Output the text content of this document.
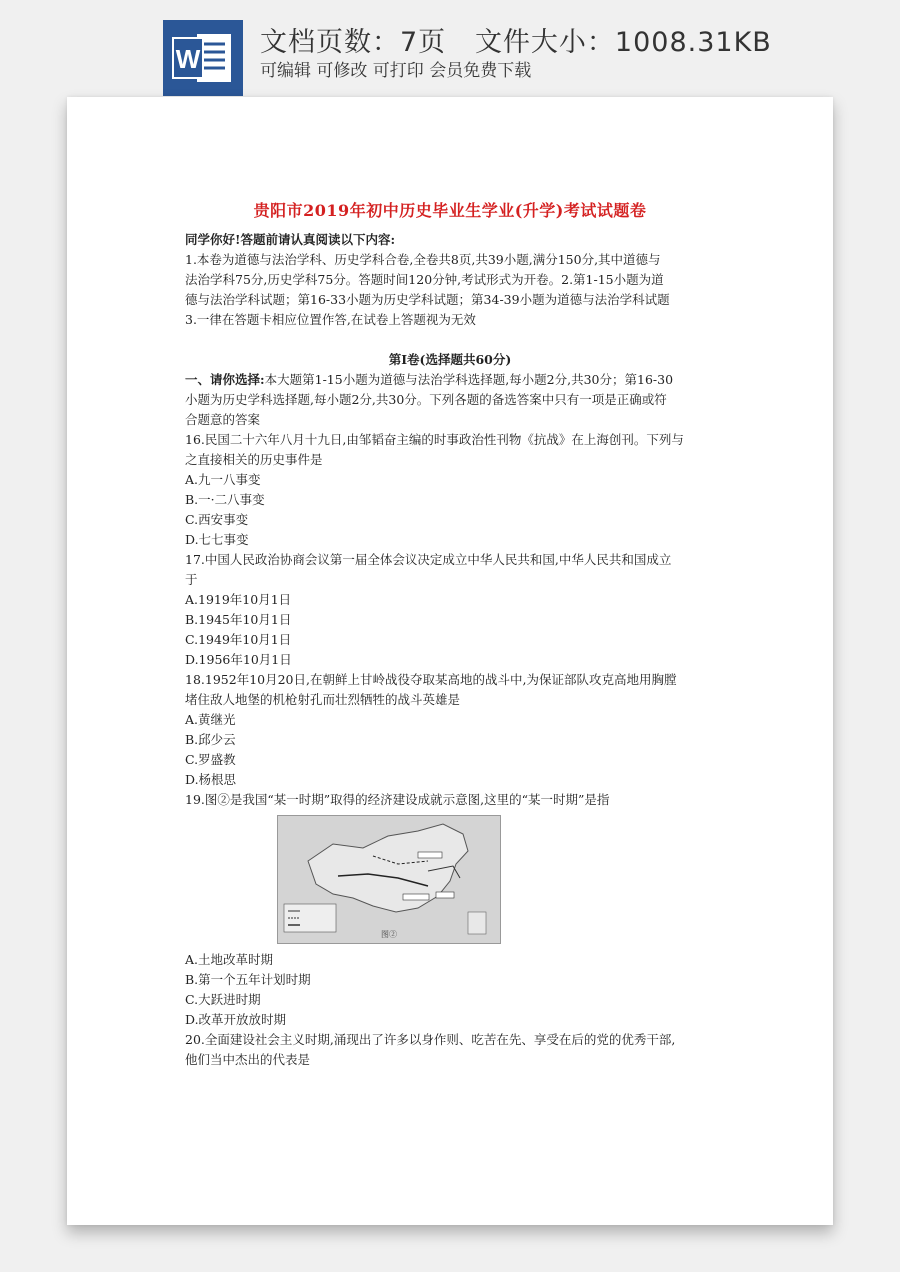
W
文档页数：7页 文件大小：1008.31KB
可编辑 可修改 可打印 会员免费下载
贵阳市2019年初中历史毕业生学业(升学)考试试题卷
同学你好!答题前请认真阅读以下内容:
1.本卷为道德与法治学科、历史学科合卷,全卷共8页,共39小题,满分150分,其中道德与
法治学科75分,历史学科75分。答题时间120分钟,考试形式为开卷。2.第1-15小题为道
德与法治学科试题；第16-33小题为历史学科试题；第34-39小题为道德与法治学科试题
3.一律在答题卡相应位置作答,在试卷上答题视为无效
第Ⅰ卷(选择题共60分)
一、请你选择:本大题第1-15小题为道德与法治学科选择题,每小题2分,共30分；第16-30
小题为历史学科选择题,每小题2分,共30分。下列各题的备选答案中只有一项是正确或符
合题意的答案
16.民国二十六年八月十九日,由邹韬奋主编的时事政治性刊物《抗战》在上海创刊。下列与
之直接相关的历史事件是
A.九一八事变
B.一·二八事变
C.西安事变
D.七七事变
17.中国人民政治协商会议第一届全体会议决定成立中华人民共和国,中华人民共和国成立
于
A.1919年10月1日
B.1945年10月1日
C.1949年10月1日
D.1956年10月1日
18.1952年10月20日,在朝鲜上甘岭战役夺取某高地的战斗中,为保证部队攻克高地用胸膛
堵住敌人地堡的机枪射孔而壮烈牺牲的战斗英雄是
A.黄继光
B.邱少云
C.罗盛教
D.杨根思
19.图②是我国“某一时期”取得的经济建设成就示意图,这里的“某一时期”是指
图②
A.土地改革时期
B.第一个五年计划时期
C.大跃进时期
D.改革开放放时期
20.全面建设社会主义时期,涌现出了许多以身作则、吃苦在先、享受在后的党的优秀干部,
他们当中杰出的代表是
